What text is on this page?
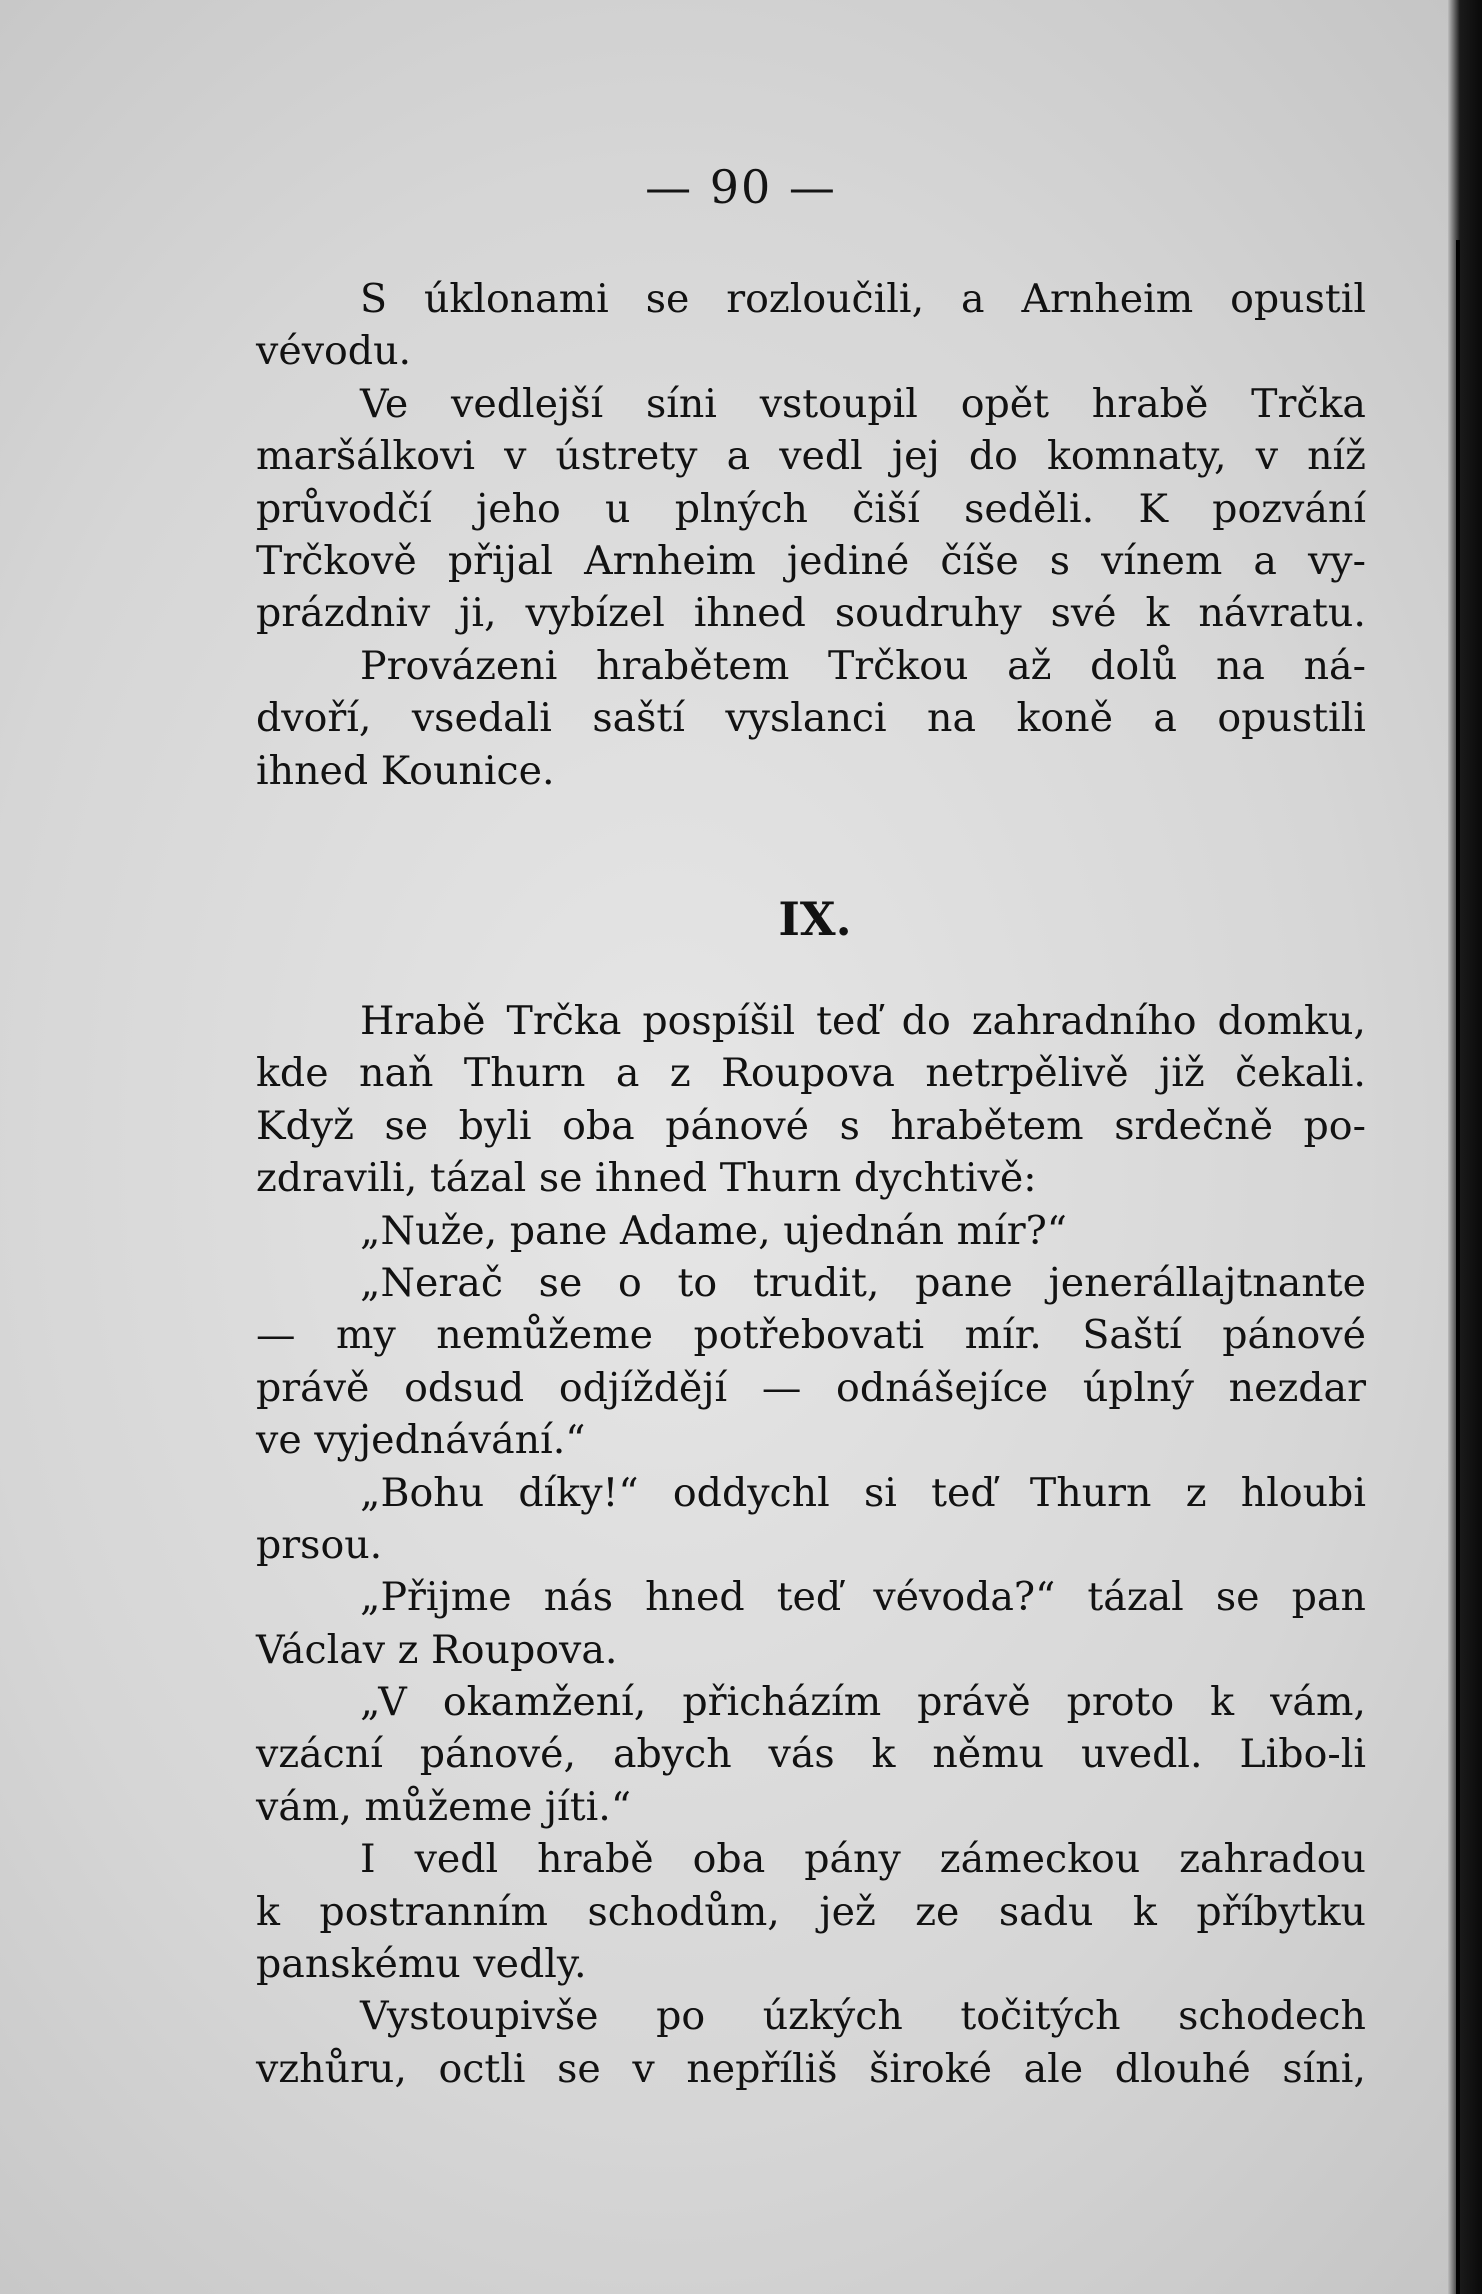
— 90 —
S úklonami se rozloučili, a Arnheim opustil
vévodu.
Ve vedlejší síni vstoupil opět hrabě Trčka
maršálkovi v ústrety a vedl jej do komnaty, v níž
průvodčí jeho u plných čiší seděli. K pozvání
Trčkově přijal Arnheim jediné číše s vínem a vy-
prázdniv ji, vybízel ihned soudruhy své k návratu.
Provázeni hrabětem Trčkou až dolů na ná-
dvoří, vsedali saští vyslanci na koně a opustili
ihned Kounice.
IX.
Hrabě Trčka pospíšil teď do zahradního domku,
kde naň Thurn a z Roupova netrpělivě již čekali.
Když se byli oba pánové s hrabětem srdečně po-
zdravili, tázal se ihned Thurn dychtivě:
„Nuže, pane Adame, ujednán mír?“
„Nerač se o to trudit, pane jenerállajtnante
— my nemůžeme potřebovati mír. Saští pánové
právě odsud odjíždějí — odnášejíce úplný nezdar
ve vyjednávání.“
„Bohu díky!“ oddychl si teď Thurn z hloubi
prsou.
„Přijme nás hned teď vévoda?“ tázal se pan
Václav z Roupova.
„V okamžení, přicházím právě proto k vám,
vzácní pánové, abych vás k němu uvedl. Libo-li
vám, můžeme jíti.“
I vedl hrabě oba pány zámeckou zahradou
k postranním schodům, jež ze sadu k příbytku
panskému vedly.
Vystoupivše po úzkých točitých schodech
vzhůru, octli se v nepříliš široké ale dlouhé síni,
